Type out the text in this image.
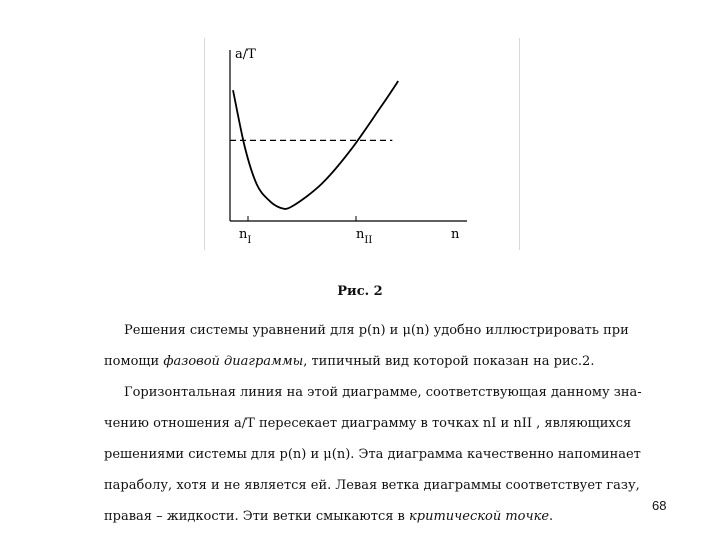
a/T
n
$n_I$	$n_{II}$
Рис. 2
Решения системы уравнений для p(n) и μ(n) удобно иллюстрировать при
помощи фазовой диаграммы, типичный вид которой показан на рис.2.
Горизонтальная линия на этой диаграмме, соответствующая данному зна-
чению отношения a/T пересекает диаграмму в точках nI и nII , являющихся
решениями системы для p(n) и μ(n). Эта диаграмма качественно напоминает
параболу, хотя и не является ей. Левая ветка диаграммы соответствует газу,
правая – жидкости. Эти ветки смыкаются в критической точке.
68
